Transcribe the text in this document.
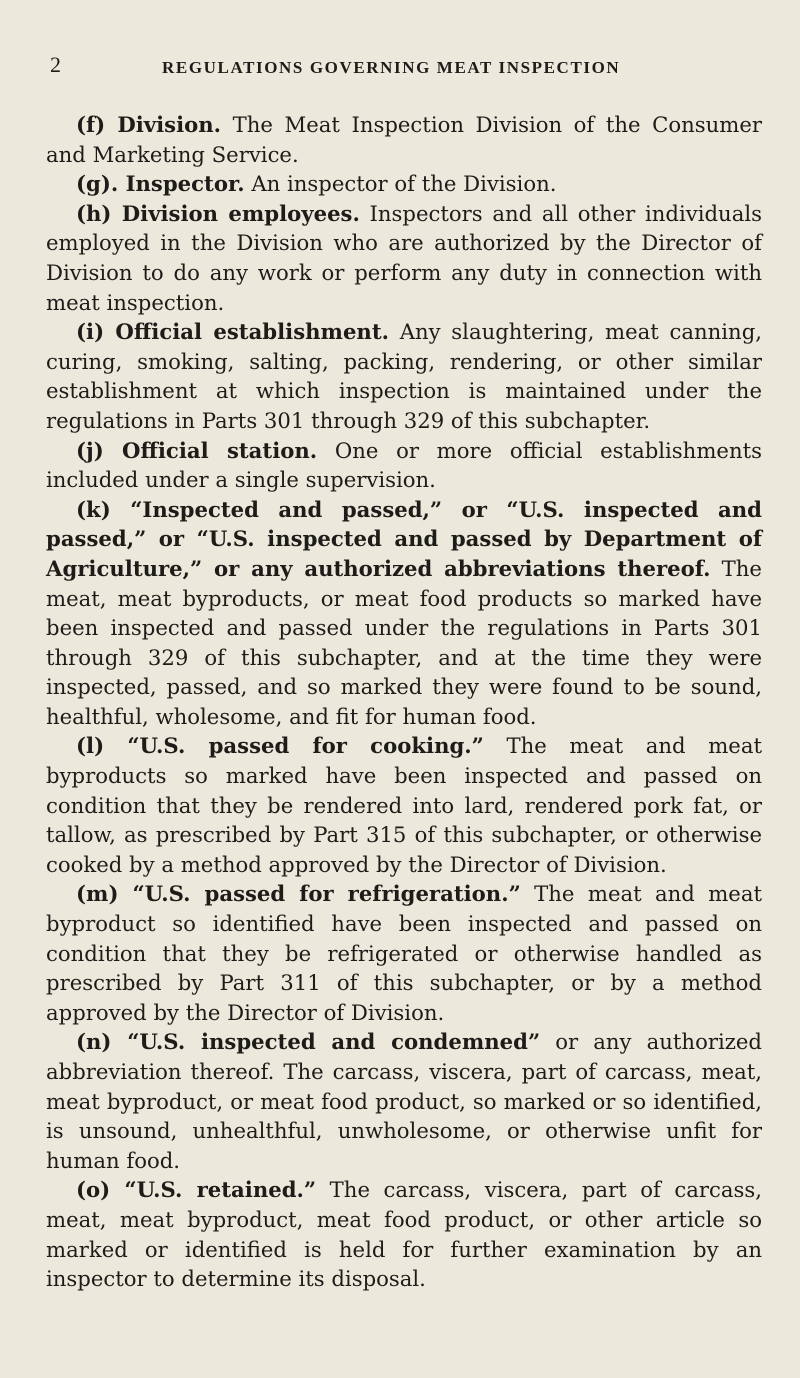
2	REGULATIONS GOVERNING MEAT INSPECTION

(f) Division. The Meat Inspection Division of the Consumer and Marketing Service.

(g). Inspector. An inspector of the Division.

(h) Division employees. Inspectors and all other individuals employed in the Division who are authorized by the Director of Division to do any work or perform any duty in connection with meat inspection.

(i) Official establishment. Any slaughtering, meat canning, curing, smoking, salting, packing, rendering, or other similar establishment at which inspection is maintained under the regulations in Parts 301 through 329 of this subchapter.

(j) Official station. One or more official establishments included under a single supervision.

(k) “Inspected and passed,” or “U.S. inspected and passed,” or “U.S. inspected and passed by Department of Agriculture,” or any authorized abbreviations thereof. The meat, meat byproducts, or meat food products so marked have been inspected and passed under the regulations in Parts 301 through 329 of this subchapter, and at the time they were inspected, passed, and so marked they were found to be sound, healthful, wholesome, and fit for human food.

(l) “U.S. passed for cooking.” The meat and meat byproducts so marked have been inspected and passed on condition that they be rendered into lard, rendered pork fat, or tallow, as prescribed by Part 315 of this subchapter, or otherwise cooked by a method approved by the Director of Division.

(m) “U.S. passed for refrigeration.” The meat and meat byproduct so identified have been inspected and passed on condition that they be refrigerated or otherwise handled as prescribed by Part 311 of this subchapter, or by a method approved by the Director of Division.

(n) “U.S. inspected and condemned” or any authorized abbreviation thereof. The carcass, viscera, part of carcass, meat, meat byproduct, or meat food product, so marked or so identified, is unsound, unhealthful, unwholesome, or otherwise unfit for human food.

(o) “U.S. retained.” The carcass, viscera, part of carcass, meat, meat byproduct, meat food product, or other article so marked or identified is held for further examination by an inspector to determine its disposal.
